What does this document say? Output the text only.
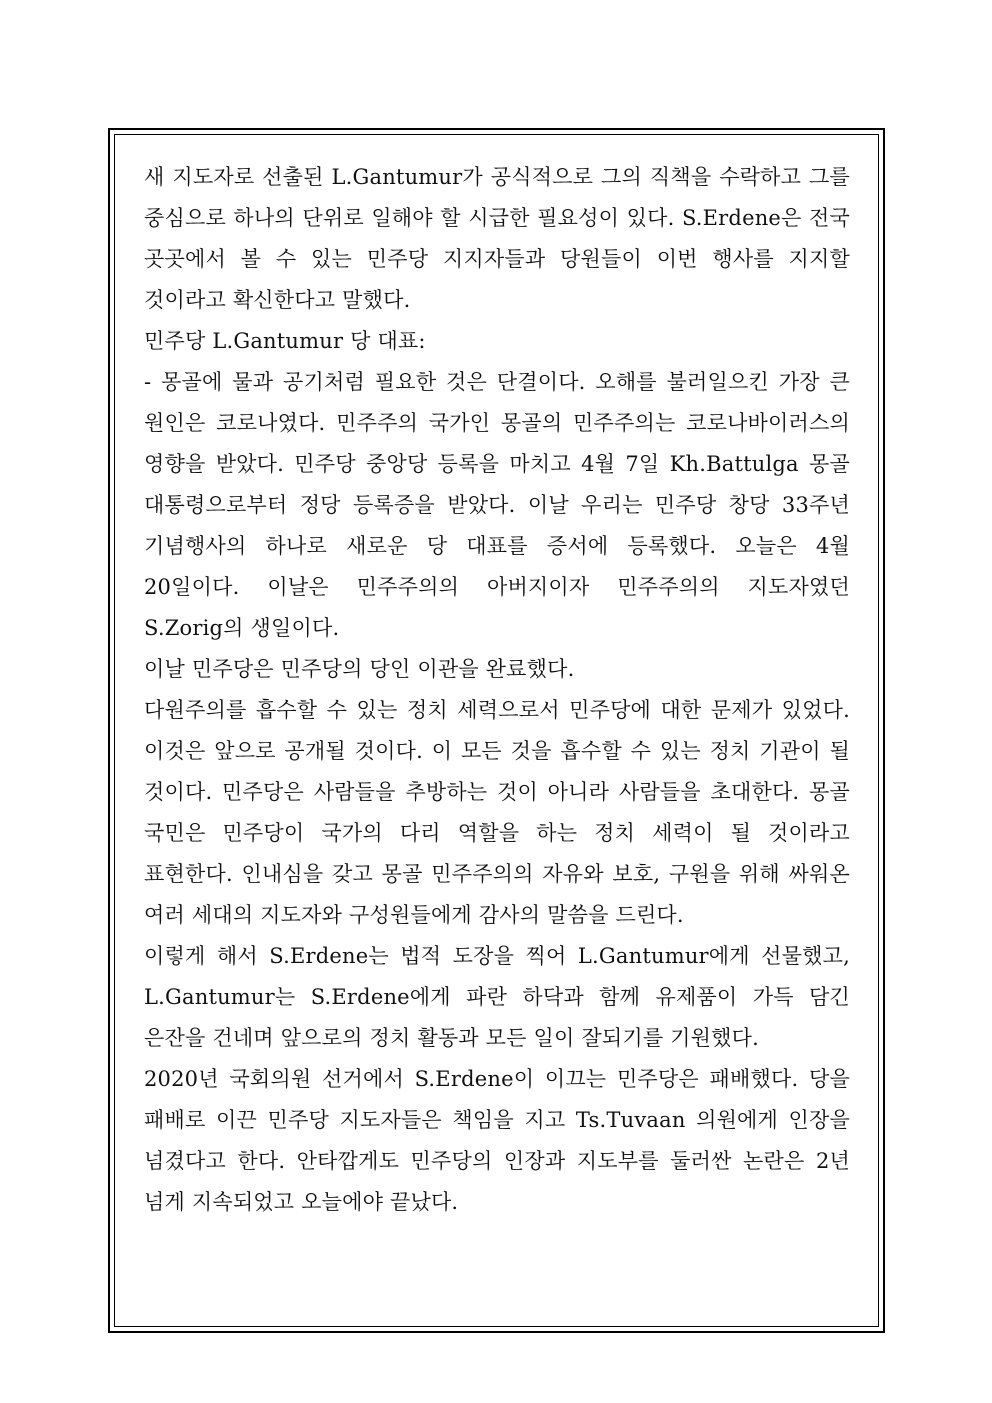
새 지도자로 선출된 L.Gantumur가 공식적으로 그의 직책을 수락하고 그를 중심으로 하나의 단위로 일해야 할 시급한 필요성이 있다. S.Erdene은 전국 곳곳에서 볼 수 있는 민주당 지지자들과 당원들이 이번 행사를 지지할 것이라고 확신한다고 말했다.

민주당 L.Gantumur 당 대표:

- 몽골에 물과 공기처럼 필요한 것은 단결이다. 오해를 불러일으킨 가장 큰 원인은 코로나였다. 민주주의 국가인 몽골의 민주주의는 코로나바이러스의 영향을 받았다. 민주당 중앙당 등록을 마치고 4월 7일 Kh.Battulga 몽골 대통령으로부터 정당 등록증을 받았다. 이날 우리는 민주당 창당 33주년 기념행사의 하나로 새로운 당 대표를 증서에 등록했다. 오늘은 4월 20일이다. 이날은 민주주의의 아버지이자 민주주의의 지도자였던 S.Zorig의 생일이다.

이날 민주당은 민주당의 당인 이관을 완료했다.

다원주의를 흡수할 수 있는 정치 세력으로서 민주당에 대한 문제가 있었다. 이것은 앞으로 공개될 것이다. 이 모든 것을 흡수할 수 있는 정치 기관이 될 것이다. 민주당은 사람들을 추방하는 것이 아니라 사람들을 초대한다. 몽골 국민은 민주당이 국가의 다리 역할을 하는 정치 세력이 될 것이라고 표현한다. 인내심을 갖고 몽골 민주주의의 자유와 보호, 구원을 위해 싸워온 여러 세대의 지도자와 구성원들에게 감사의 말씀을 드린다.

이렇게 해서 S.Erdene는 법적 도장을 찍어 L.Gantumur에게 선물했고, L.Gantumur는 S.Erdene에게 파란 하닥과 함께 유제품이 가득 담긴 은잔을 건네며 앞으로의 정치 활동과 모든 일이 잘되기를 기원했다.

2020년 국회의원 선거에서 S.Erdene이 이끄는 민주당은 패배했다. 당을 패배로 이끈 민주당 지도자들은 책임을 지고 Ts.Tuvaan 의원에게 인장을 넘겼다고 한다. 안타깝게도 민주당의 인장과 지도부를 둘러싼 논란은 2년 넘게 지속되었고 오늘에야 끝났다.
